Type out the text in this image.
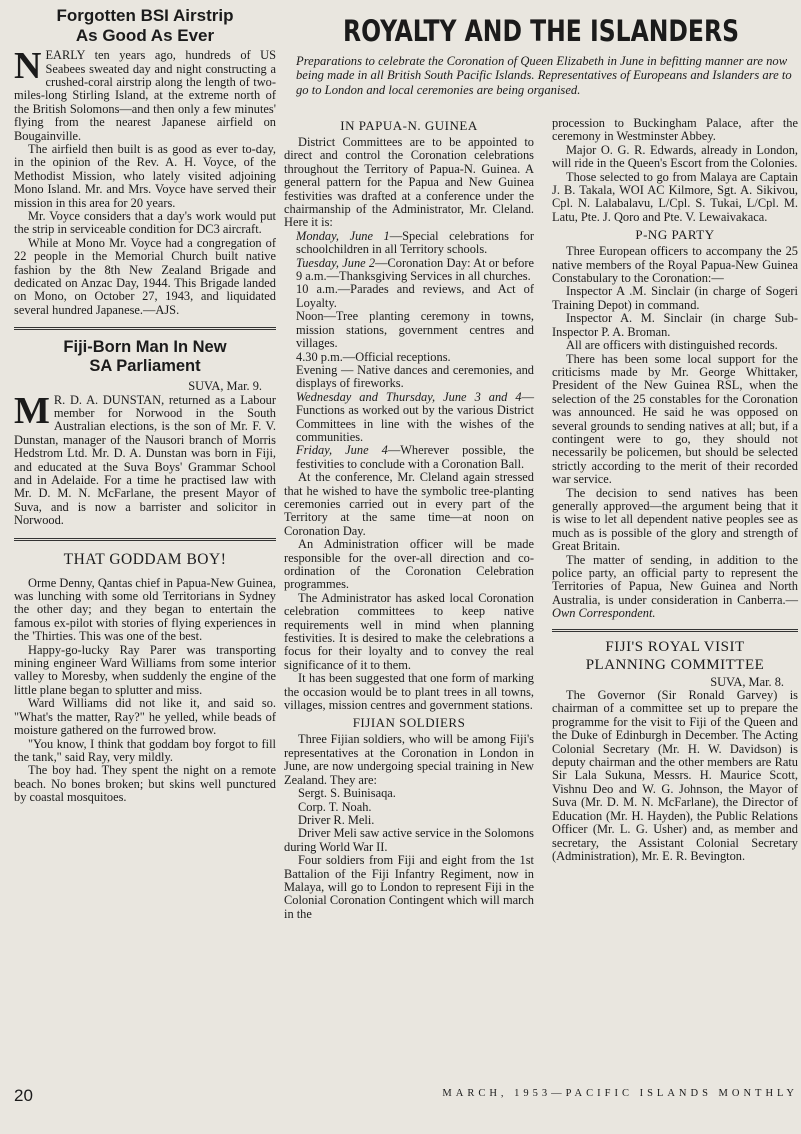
Forgotten BSI Airstrip
As Good As Ever

NEARLY ten years ago, hundreds of US Seabees sweated day and night constructing a crushed-coral airstrip along the length of two-miles-long Stirling Island, at the extreme north of the British Solomons—and then only a few minutes' flying from the nearest Japanese airfield on Bougainville.

The airfield then built is as good as ever to-day, in the opinion of the Rev. A. H. Voyce, of the Methodist Mission, who lately visited adjoining Mono Island. Mr. and Mrs. Voyce have served their mission in this area for 20 years.

Mr. Voyce considers that a day's work would put the strip in serviceable condition for DC3 aircraft.

While at Mono Mr. Voyce had a congregation of 22 people in the Memorial Church built native fashion by the 8th New Zealand Brigade and dedicated on Anzac Day, 1944. This Brigade landed on Mono, on October 27, 1943, and liquidated several hundred Japanese.—AJS.

Fiji-Born Man In New
SA Parliament

SUVA, Mar. 9.

M R. D. A. DUNSTAN, returned as a Labour member for Norwood in the South Australian elections, is the son of Mr. F. V. Dunstan, manager of the Nausori branch of Morris Hedstrom Ltd. Mr. D. A. Dunstan was born in Fiji, and educated at the Suva Boys' Grammar School and in Adelaide. For a time he practised law with Mr. D. M. N. McFarlane, the present Mayor of Suva, and is now a barrister and solicitor in Norwood.

THAT GODDAM BOY!

Orme Denny, Qantas chief in Papua-New Guinea, was lunching with some old Territorians in Sydney the other day; and they began to entertain the famous ex-pilot with stories of flying experiences in the 'Thirties. This was one of the best.

Happy-go-lucky Ray Parer was transporting mining engineer Ward Williams from some interior valley to Moresby, when suddenly the engine of the little plane began to splutter and miss.

Ward Williams did not like it, and said so. "What's the matter, Ray?" he yelled, while beads of moisture gathered on the furrowed brow.

"You know, I think that goddam boy forgot to fill the tank," said Ray, very mildly.

The boy had. They spent the night on a remote beach. No bones broken; but skins well punctured by coastal mosquitoes.

ROYALTY AND THE ISLANDERS

Preparations to celebrate the Coronation of Queen Elizabeth in June in befitting manner are now being made in all British South Pacific Islands. Representatives of Europeans and Islanders are to go to London and local ceremonies are being organised.

IN PAPUA-N. GUINEA

District Committees are to be appointed to direct and control the Coronation celebrations throughout the Territory of Papua-N. Guinea. A general pattern for the Papua and New Guinea festivities was drafted at a conference under the chairmanship of the Administrator, Mr. Cleland. Here it is:

Monday, June 1—Special celebrations for schoolchildren in all Territory schools.

Tuesday, June 2—Coronation Day: At or before 9 a.m.—Thanksgiving Services in all churches.

10 a.m.—Parades and reviews, and Act of Loyalty.

Noon—Tree planting ceremony in towns, mission stations, government centres and villages.

4.30 p.m.—Official receptions.

Evening — Native dances and ceremonies, and displays of fireworks.

Wednesday and Thursday, June 3 and 4—Functions as worked out by the various District Committees in line with the wishes of the communities.

Friday, June 4—Wherever possible, the festivities to conclude with a Coronation Ball.

At the conference, Mr. Cleland again stressed that he wished to have the symbolic tree-planting ceremonies carried out in every part of the Territory at the same time—at noon on Coronation Day.

An Administration officer will be made responsible for the over-all direction and co-ordination of the Coronation Celebration programmes.

The Administrator has asked local Coronation celebration committees to keep native requirements well in mind when planning festivities. It is desired to make the celebrations a focus for their loyalty and to convey the real significance of it to them.

It has been suggested that one form of marking the occasion would be to plant trees in all towns, villages, mission centres and government stations.

FIJIAN SOLDIERS

Three Fijian soldiers, who will be among Fiji's representatives at the Coronation in London in June, are now undergoing special training in New Zealand. They are:

Sergt. S. Buinisaqa.

Corp. T. Noah.

Driver R. Meli.

Driver Meli saw active service in the Solomons during World War II.

Four soldiers from Fiji and eight from the 1st Battalion of the Fiji Infantry Regiment, now in Malaya, will go to London to represent Fiji in the Colonial Coronation Contingent which will march in the

procession to Buckingham Palace, after the ceremony in Westminster Abbey.

Major O. G. R. Edwards, already in London, will ride in the Queen's Escort from the Colonies.

Those selected to go from Malaya are Captain J. B. Takala, WOI AC Kilmore, Sgt. A. Sikivou, Cpl. N. Lalabalavu, L/Cpl. S. Tukai, L/Cpl. M. Latu, Pte. J. Qoro and Pte. V. Lewaivakaca.

P-NG PARTY

Three European officers to accompany the 25 native members of the Royal Papua-New Guinea Constabulary to the Coronation:—

Inspector A .M. Sinclair (in charge of Sogeri Training Depot) in command.

Inspector A. M. Sinclair (in charge Sub-Inspector P. A. Broman.

All are officers with distinguished records.

There has been some local support for the criticisms made by Mr. George Whittaker, President of the New Guinea RSL, when the selection of the 25 constables for the Coronation was announced. He said he was opposed on several grounds to sending natives at all; but, if a contingent were to go, they should not necessarily be policemen, but should be selected strictly according to the merit of their recorded war service.

The decision to send natives has been generally approved—the argument being that it is wise to let all dependent native peoples see as much as is possible of the glory and strength of Great Britain.

The matter of sending, in addition to the police party, an official party to represent the Territories of Papua, New Guinea and North Australia, is under consideration in Canberra.—Own Correspondent.

FIJI'S ROYAL VISIT
PLANNING COMMITTEE

SUVA, Mar. 8.

The Governor (Sir Ronald Garvey) is chairman of a committee set up to prepare the programme for the visit to Fiji of the Queen and the Duke of Edinburgh in December. The Acting Colonial Secretary (Mr. H. W. Davidson) is deputy chairman and the other members are Ratu Sir Lala Sukuna, Messrs. H. Maurice Scott, Vishnu Deo and W. G. Johnson, the Mayor of Suva (Mr. D. M. N. McFarlane), the Director of Education (Mr. H. Hayden), the Public Relations Officer (Mr. L. G. Usher) and, as member and secretary, the Assistant Colonial Secretary (Administration), Mr. E. R. Bevington.

20	MARCH, 1953—PACIFIC ISLANDS MONTHLY
